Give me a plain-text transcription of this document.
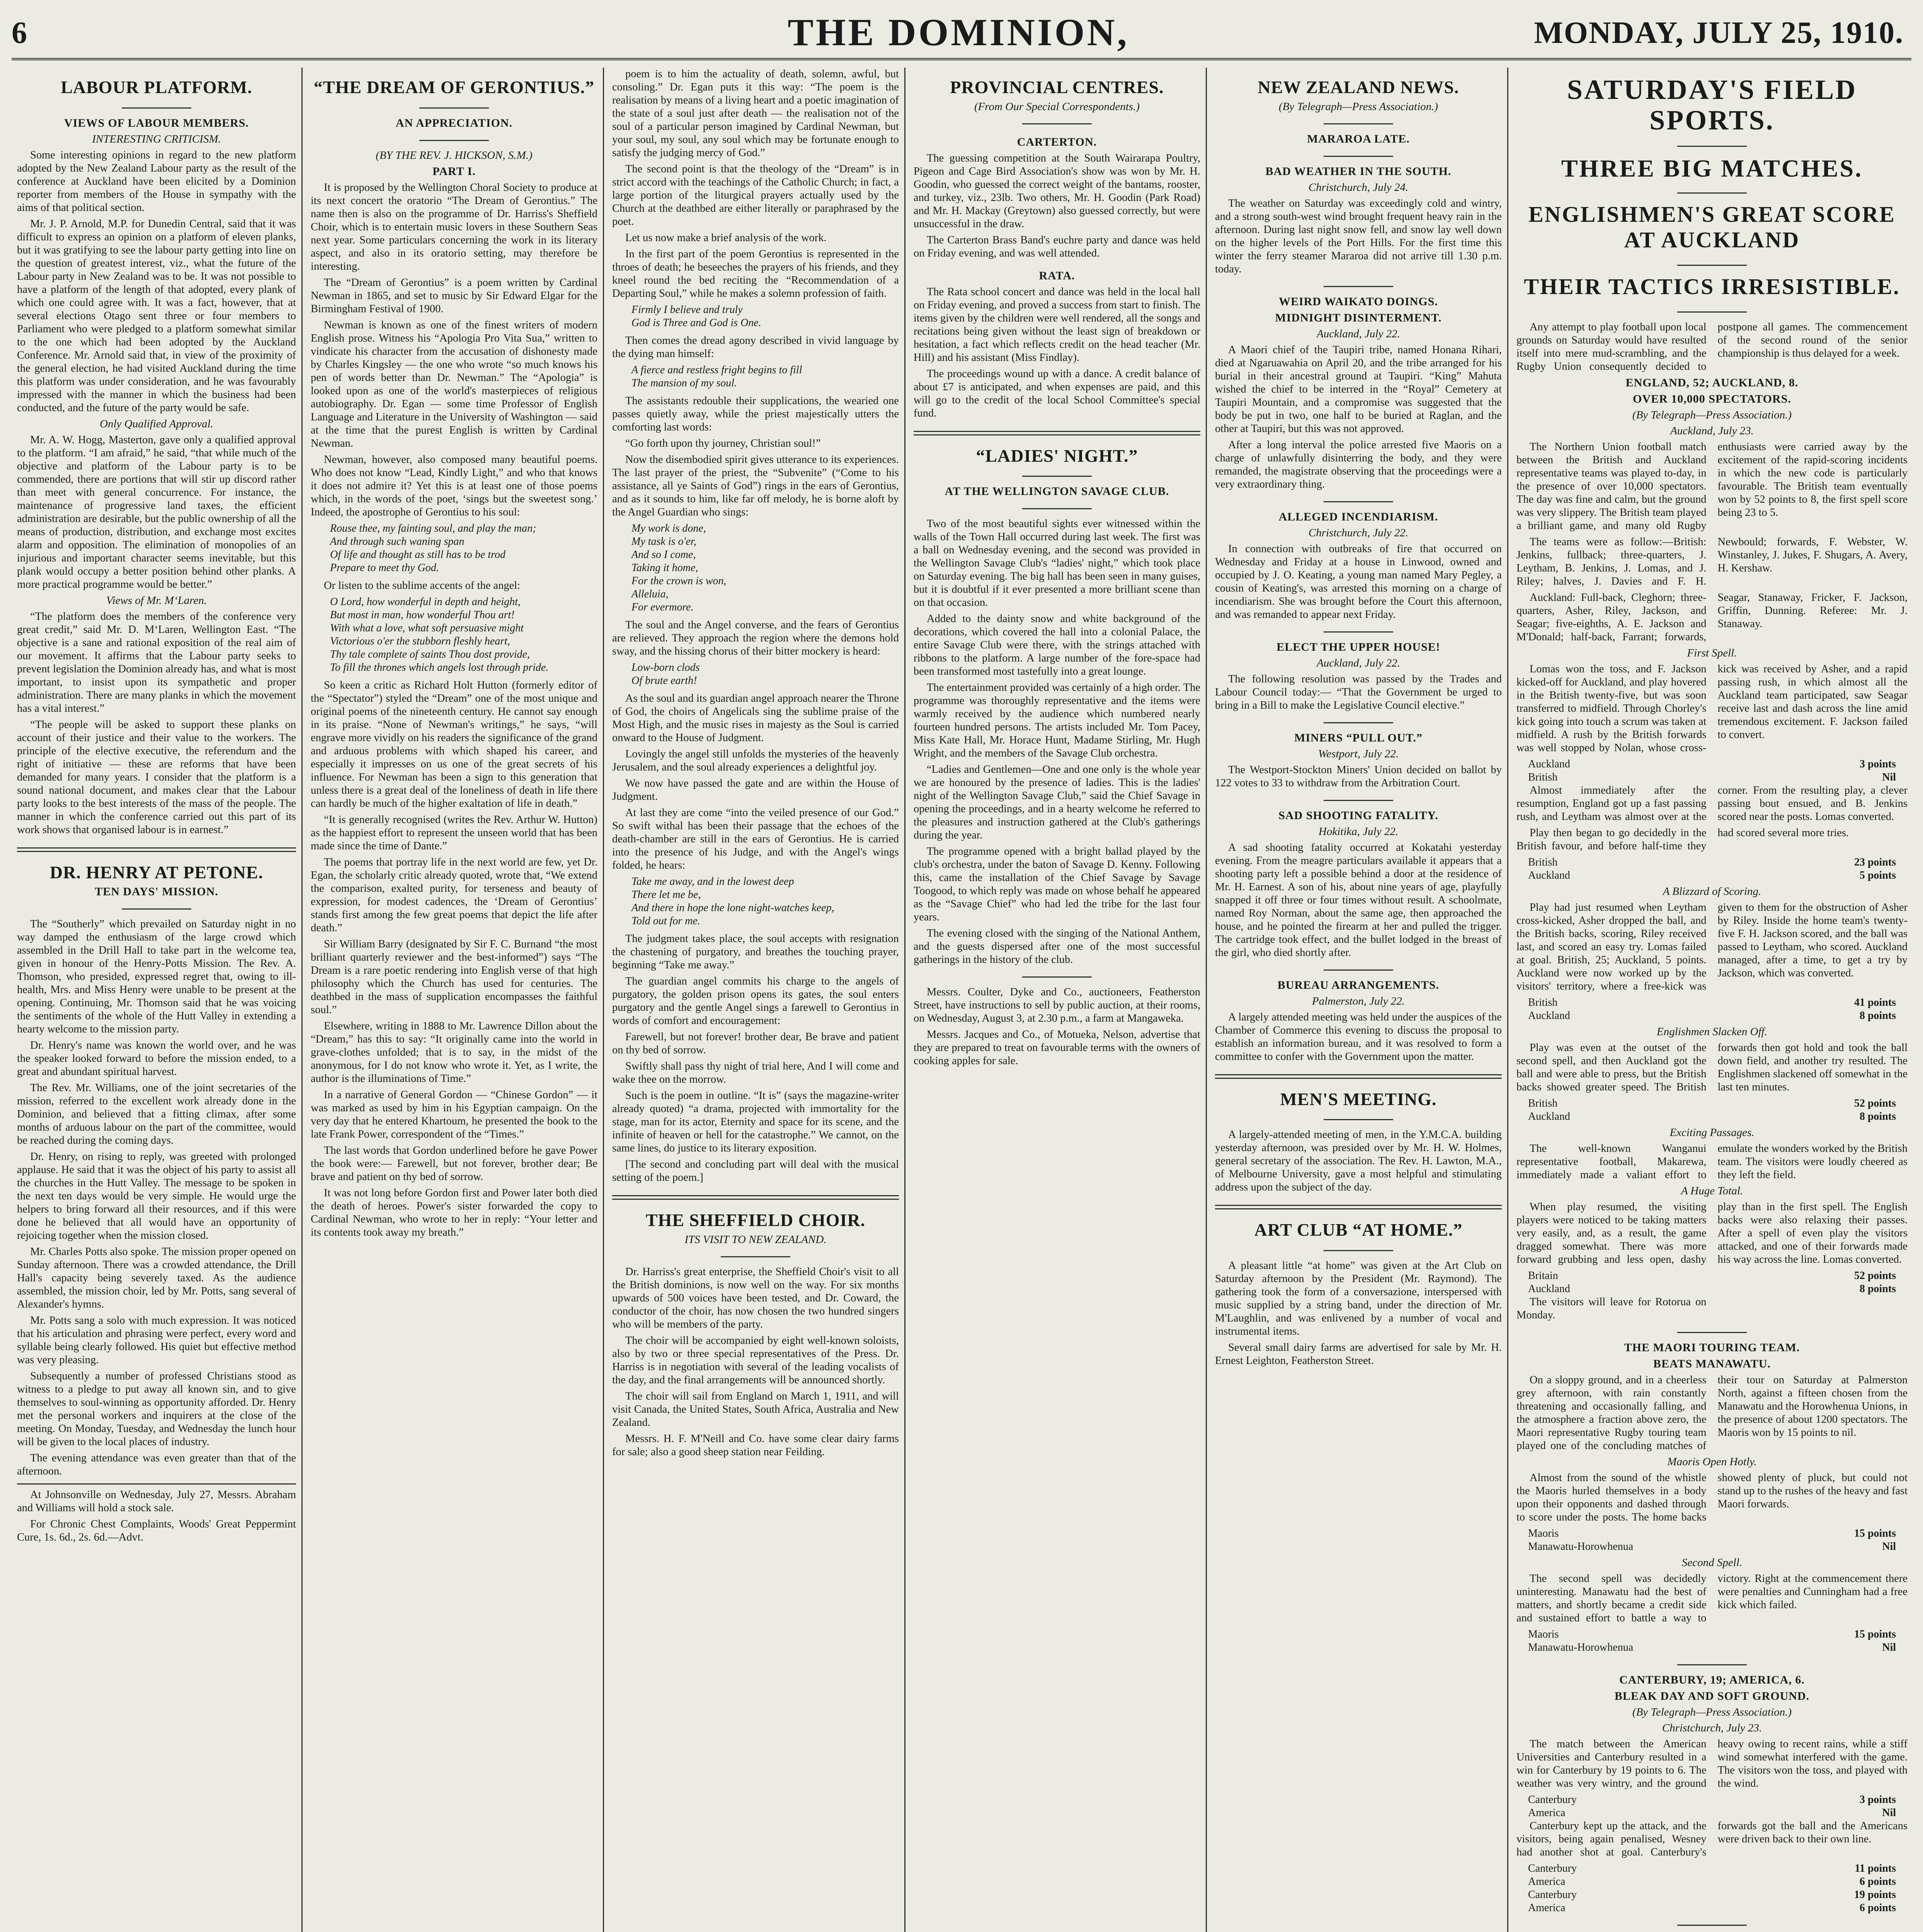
6	THE DOMINION,	MONDAY, JULY 25, 1910.
LABOUR PLATFORM.
VIEWS OF LABOUR MEMBERS.
INTERESTING CRITICISM.

Some interesting opinions in regard to the new platform adopted by the New Zealand Labour party as the result of the conference at Auckland have been elicited by a Dominion reporter from members of the House in sympathy with the aims of that political section.

Mr. J. P. Arnold, M.P. for Dunedin Central, said that it was difficult to express an opinion on a platform of eleven planks, but it was gratifying to see the labour party getting into line on the question of greatest interest, viz., what the future of the Labour party in New Zealand was to be. It was not possible to have a platform of the length of that adopted, every plank of which one could agree with. It was a fact, however, that at several elections Otago sent three or four members to Parliament who were pledged to a platform somewhat similar to the one which had been adopted by the Auckland Conference. Mr. Arnold said that, in view of the proximity of the general election, he had visited Auckland during the time this platform was under consideration, and he was favourably impressed with the manner in which the business had been conducted, and the future of the party would be safe.

Only Qualified Approval.

Mr. A. W. Hogg, Masterton, gave only a qualified approval to the platform. “I am afraid,” he said, “that while much of the objective and platform of the Labour party is to be commended, there are portions that will stir up discord rather than meet with general concurrence. For instance, the maintenance of progressive land taxes, the efficient administration are desirable, but the public ownership of all the means of production, distribution, and exchange most excites alarm and opposition. The elimination of monopolies of an injurious and important character seems inevitable, but this plank would occupy a better position behind other planks. A more practical programme would be better.”

Views of Mr. M‘Laren.

“The platform does the members of the conference very great credit,” said Mr. D. M‘Laren, Wellington East. “The objective is a sane and rational exposition of the real aim of our movement. It affirms that the Labour party seeks to prevent legislation the Dominion already has, and what is most important, to insist upon its sympathetic and proper administration. There are many planks in which the movement has a vital interest.”

“The people will be asked to support these planks on account of their justice and their value to the workers. The principle of the elective executive, the referendum and the right of initiative — these are reforms that have been demanded for many years. I consider that the platform is a sound national document, and makes clear that the Labour party looks to the best interests of the mass of the people. The manner in which the conference carried out this part of its work shows that organised labour is in earnest.”

DR. HENRY AT PETONE.
TEN DAYS' MISSION.

The “Southerly” which prevailed on Saturday night in no way damped the enthusiasm of the large crowd which assembled in the Drill Hall to take part in the welcome tea, given in honour of the Henry-Potts Mission. The Rev. A. Thomson, who presided, expressed regret that, owing to ill-health, Mrs. and Miss Henry were unable to be present at the opening. Continuing, Mr. Thomson said that he was voicing the sentiments of the whole of the Hutt Valley in extending a hearty welcome to the mission party.

Dr. Henry's name was known the world over, and he was the speaker looked forward to before the mission ended, to a great and abundant spiritual harvest.

The Rev. Mr. Williams, one of the joint secretaries of the mission, referred to the excellent work already done in the Dominion, and believed that a fitting climax, after some months of arduous labour on the part of the committee, would be reached during the coming days.

Dr. Henry, on rising to reply, was greeted with prolonged applause. He said that it was the object of his party to assist all the churches in the Hutt Valley. The message to be spoken in the next ten days would be very simple. He would urge the helpers to bring forward all their resources, and if this were done he believed that all would have an opportunity of rejoicing together when the mission closed.

Mr. Charles Potts also spoke. The mission proper opened on Sunday afternoon. There was a crowded attendance, the Drill Hall's capacity being severely taxed. As the audience assembled, the mission choir, led by Mr. Potts, sang several of Alexander's hymns.

Mr. Potts sang a solo with much expression. It was noticed that his articulation and phrasing were perfect, every word and syllable being clearly followed. His quiet but effective method was very pleasing.

Subsequently a number of professed Christians stood as witness to a pledge to put away all known sin, and to give themselves to soul-winning as opportunity afforded. Dr. Henry met the personal workers and inquirers at the close of the meeting. On Monday, Tuesday, and Wednesday the lunch hour will be given to the local places of industry.

The evening attendance was even greater than that of the afternoon.

At Johnsonville on Wednesday, July 27, Messrs. Abraham and Williams will hold a stock sale.

For Chronic Chest Complaints, Woods' Great Peppermint Cure, 1s. 6d., 2s. 6d.—Advt.

“THE DREAM OF GERONTIUS.”
AN APPRECIATION.
(BY THE REV. J. HICKSON, S.M.)
PART I.

It is proposed by the Wellington Choral Society to produce at its next concert the oratorio “The Dream of Gerontius.” The name then is also on the programme of Dr. Harriss's Sheffield Choir, which is to entertain music lovers in these Southern Seas next year. Some particulars concerning the work in its literary aspect, and also in its oratorio setting, may therefore be interesting.

The “Dream of Gerontius” is a poem written by Cardinal Newman in 1865, and set to music by Sir Edward Elgar for the Birmingham Festival of 1900.

Newman is known as one of the finest writers of modern English prose. Witness his “Apologia Pro Vita Sua,” written to vindicate his character from the accusation of dishonesty made by Charles Kingsley — the one who wrote “so much knows his pen of words better than Dr. Newman.” The “Apologia” is looked upon as one of the world's masterpieces of religious autobiography. Dr. Egan — some time Professor of English Language and Literature in the University of Washington — said at the time that the purest English is written by Cardinal Newman.

Newman, however, also composed many beautiful poems. Who does not know “Lead, Kindly Light,” and who that knows it does not admire it? Yet this is at least one of those poems which, in the words of the poet, ‘sings but the sweetest song.’ Indeed, the apostrophe of Gerontius to his soul:

Rouse thee, my fainting soul, and play the man;
And through such waning span
Of life and thought as still has to be trod
Prepare to meet thy God.

Or listen to the sublime accents of the angel:

O Lord, how wonderful in depth and height,
But most in man, how wonderful Thou art!
With what a love, what soft persuasive might
Victorious o'er the stubborn fleshly heart,
Thy tale complete of saints Thou dost provide,
To fill the thrones which angels lost through pride.

So keen a critic as Richard Holt Hutton (formerly editor of the “Spectator”) styled the “Dream” one of the most unique and original poems of the nineteenth century. He cannot say enough in its praise. “None of Newman's writings,” he says, “will engrave more vividly on his readers the significance of the grand and arduous problems with which shaped his career, and especially it impresses on us one of the great secrets of his influence. For Newman has been a sign to this generation that unless there is a great deal of the loneliness of death in life there can hardly be much of the higher exaltation of life in death.”

“It is generally recognised (writes the Rev. Arthur W. Hutton) as the happiest effort to represent the unseen world that has been made since the time of Dante.”

The poems that portray life in the next world are few, yet Dr. Egan, the scholarly critic already quoted, wrote that, “We extend the comparison, exalted purity, for terseness and beauty of expression, for modest cadences, the ‘Dream of Gerontius’ stands first among the few great poems that depict the life after death.”

Sir William Barry (designated by Sir F. C. Burnand “the most brilliant quarterly reviewer and the best-informed”) says “The Dream is a rare poetic rendering into English verse of that high philosophy which the Church has used for centuries. The deathbed in the mass of supplication encompasses the faithful soul.”

Elsewhere, writing in 1888 to Mr. Lawrence Dillon about the “Dream,” has this to say: “It originally came into the world in grave-clothes unfolded; that is to say, in the midst of the anonymous, for I do not know who wrote it. Yet, as I write, the author is the illuminations of Time.”

In a narrative of General Gordon — “Chinese Gordon” — it was marked as used by him in his Egyptian campaign. On the very day that he entered Khartoum, he presented the book to the late Frank Power, correspondent of the “Times.”

The last words that Gordon underlined before he gave Power the book were:— Farewell, but not forever, brother dear; Be brave and patient on thy bed of sorrow.

It was not long before Gordon first and Power later both died the death of heroes. Power's sister forwarded the copy to Cardinal Newman, who wrote to her in reply: “Your letter and its contents took away my breath.”

poem is to him the actuality of death, solemn, awful, but consoling.” Dr. Egan puts it this way: “The poem is the realisation by means of a living heart and a poetic imagination of the state of a soul just after death — the realisation not of the soul of a particular person imagined by Cardinal Newman, but your soul, my soul, any soul which may be fortunate enough to satisfy the judging mercy of God.”

The second point is that the theology of the “Dream” is in strict accord with the teachings of the Catholic Church; in fact, a large portion of the liturgical prayers actually used by the Church at the deathbed are either literally or paraphrased by the poet.

Let us now make a brief analysis of the work.

In the first part of the poem Gerontius is represented in the throes of death; he beseeches the prayers of his friends, and they kneel round the bed reciting the “Recommendation of a Departing Soul,” while he makes a solemn profession of faith.

Firmly I believe and truly
God is Three and God is One.

Then comes the dread agony described in vivid language by the dying man himself:

A fierce and restless fright begins to fill
The mansion of my soul.

The assistants redouble their supplications, the wearied one passes quietly away, while the priest majestically utters the comforting last words:

“Go forth upon thy journey, Christian soul!”

Now the disembodied spirit gives utterance to its experiences. The last prayer of the priest, the “Subvenite” (“Come to his assistance, all ye Saints of God”) rings in the ears of Gerontius, and as it sounds to him, like far off melody, he is borne aloft by the Angel Guardian who sings:

My work is done,
My task is o'er,
And so I come,
Taking it home,
For the crown is won,
Alleluia,
For evermore.

The soul and the Angel converse, and the fears of Gerontius are relieved. They approach the region where the demons hold sway, and the hissing chorus of their bitter mockery is heard:

Low-born clods
Of brute earth!

As the soul and its guardian angel approach nearer the Throne of God, the choirs of Angelicals sing the sublime praise of the Most High, and the music rises in majesty as the Soul is carried onward to the House of Judgment.

Lovingly the angel still unfolds the mysteries of the heavenly Jerusalem, and the soul already experiences a delightful joy.

We now have passed the gate and are within the House of Judgment.

At last they are come “into the veiled presence of our God.” So swift withal has been their passage that the echoes of the death-chamber are still in the ears of Gerontius. He is carried into the presence of his Judge, and with the Angel's wings folded, he hears:

Take me away, and in the lowest deep
There let me be,
And there in hope the lone night-watches keep,
Told out for me.

The judgment takes place, the soul accepts with resignation the chastening of purgatory, and breathes the touching prayer, beginning “Take me away.”

The guardian angel commits his charge to the angels of purgatory, the golden prison opens its gates, the soul enters purgatory and the gentle Angel sings a farewell to Gerontius in words of comfort and encouragement:

Farewell, but not forever! brother dear, Be brave and patient on thy bed of sorrow.

Swiftly shall pass thy night of trial here, And I will come and wake thee on the morrow.

Such is the poem in outline. “It is” (says the magazine-writer already quoted) “a drama, projected with immortality for the stage, man for its actor, Eternity and space for its scene, and the infinite of heaven or hell for the catastrophe.” We cannot, on the same lines, do justice to its literary exposition.

[The second and concluding part will deal with the musical setting of the poem.]

THE SHEFFIELD CHOIR.
ITS VISIT TO NEW ZEALAND.

Dr. Harriss's great enterprise, the Sheffield Choir's visit to all the British dominions, is now well on the way. For six months upwards of 500 voices have been tested, and Dr. Coward, the conductor of the choir, has now chosen the two hundred singers who will be members of the party.

The choir will be accompanied by eight well-known soloists, also by two or three special representatives of the Press. Dr. Harriss is in negotiation with several of the leading vocalists of the day, and the final arrangements will be announced shortly.

The choir will sail from England on March 1, 1911, and will visit Canada, the United States, South Africa, Australia and New Zealand.

Messrs. H. F. M'Neill and Co. have some clear dairy farms for sale; also a good sheep station near Feilding.

PROVINCIAL CENTRES.
(From Our Special Correspondents.)
CARTERTON.

The guessing competition at the South Wairarapa Poultry, Pigeon and Cage Bird Association's show was won by Mr. H. Goodin, who guessed the correct weight of the bantams, rooster, and turkey, viz., 23lb. Two others, Mr. H. Goodin (Park Road) and Mr. H. Mackay (Greytown) also guessed correctly, but were unsuccessful in the draw.

The Carterton Brass Band's euchre party and dance was held on Friday evening, and was well attended.

RATA.

The Rata school concert and dance was held in the local hall on Friday evening, and proved a success from start to finish. The items given by the children were well rendered, all the songs and recitations being given without the least sign of breakdown or hesitation, a fact which reflects credit on the head teacher (Mr. Hill) and his assistant (Miss Findlay).

The proceedings wound up with a dance. A credit balance of about £7 is anticipated, and when expenses are paid, and this will go to the credit of the local School Committee's special fund.

“LADIES' NIGHT.”
AT THE WELLINGTON SAVAGE CLUB.

Two of the most beautiful sights ever witnessed within the walls of the Town Hall occurred during last week. The first was a ball on Wednesday evening, and the second was provided in the Wellington Savage Club's “ladies' night,” which took place on Saturday evening. The big hall has been seen in many guises, but it is doubtful if it ever presented a more brilliant scene than on that occasion.

Added to the dainty snow and white background of the decorations, which covered the hall into a colonial Palace, the entire Savage Club were there, with the strings attached with ribbons to the platform. A large number of the fore-space had been transformed most tastefully into a great lounge.

The entertainment provided was certainly of a high order. The programme was thoroughly representative and the items were warmly received by the audience which numbered nearly fourteen hundred persons. The artists included Mr. Tom Pacey, Miss Kate Hall, Mr. Horace Hunt, Madame Stirling, Mr. Hugh Wright, and the members of the Savage Club orchestra.

“Ladies and Gentlemen—One and one only is the whole year we are honoured by the presence of ladies. This is the ladies' night of the Wellington Savage Club,” said the Chief Savage in opening the proceedings, and in a hearty welcome he referred to the pleasures and instruction gathered at the Club's gatherings during the year.

The programme opened with a bright ballad played by the club's orchestra, under the baton of Savage D. Kenny. Following this, came the installation of the Chief Savage by Savage Toogood, to which reply was made on whose behalf he appeared as the “Savage Chief” who had led the tribe for the last four years.

The evening closed with the singing of the National Anthem, and the guests dispersed after one of the most successful gatherings in the history of the club.

Messrs. Coulter, Dyke and Co., auctioneers, Featherston Street, have instructions to sell by public auction, at their rooms, on Wednesday, August 3, at 2.30 p.m., a farm at Mangaweka.

Messrs. Jacques and Co., of Motueka, Nelson, advertise that they are prepared to treat on favourable terms with the owners of cooking apples for sale.

NEW ZEALAND NEWS.
(By Telegraph—Press Association.)
MARAROA LATE.
BAD WEATHER IN THE SOUTH.
Christchurch, July 24.

The weather on Saturday was exceedingly cold and wintry, and a strong south-west wind brought frequent heavy rain in the afternoon. During last night snow fell, and snow lay well down on the higher levels of the Port Hills. For the first time this winter the ferry steamer Mararoa did not arrive till 1.30 p.m. today.

WEIRD WAIKATO DOINGS.
MIDNIGHT DISINTERMENT.
Auckland, July 22.

A Maori chief of the Taupiri tribe, named Honana Rihari, died at Ngaruawahia on April 20, and the tribe arranged for his burial in their ancestral ground at Taupiri. “King” Mahuta wished the chief to be interred in the “Royal” Cemetery at Taupiri Mountain, and a compromise was suggested that the body be put in two, one half to be buried at Raglan, and the other at Taupiri, but this was not approved.

After a long interval the police arrested five Maoris on a charge of unlawfully disinterring the body, and they were remanded, the magistrate observing that the proceedings were a very extraordinary thing.

ALLEGED INCENDIARISM.
Christchurch, July 22.

In connection with outbreaks of fire that occurred on Wednesday and Friday at a house in Linwood, owned and occupied by J. O. Keating, a young man named Mary Pegley, a cousin of Keating's, was arrested this morning on a charge of incendiarism. She was brought before the Court this afternoon, and was remanded to appear next Friday.

ELECT THE UPPER HOUSE!
Auckland, July 22.

The following resolution was passed by the Trades and Labour Council today:— “That the Government be urged to bring in a Bill to make the Legislative Council elective.”

MINERS “PULL OUT.”
Westport, July 22.

The Westport-Stockton Miners' Union decided on ballot by 122 votes to 33 to withdraw from the Arbitration Court.

SAD SHOOTING FATALITY.
Hokitika, July 22.

A sad shooting fatality occurred at Kokatahi yesterday evening. From the meagre particulars available it appears that a shooting party left a possible behind a door at the residence of Mr. H. Earnest. A son of his, about nine years of age, playfully snapped it off three or four times without result. A schoolmate, named Roy Norman, about the same age, then approached the house, and he pointed the firearm at her and pulled the trigger. The cartridge took effect, and the bullet lodged in the breast of the girl, who died shortly after.

BUREAU ARRANGEMENTS.
Palmerston, July 22.

A largely attended meeting was held under the auspices of the Chamber of Commerce this evening to discuss the proposal to establish an information bureau, and it was resolved to form a committee to confer with the Government upon the matter.

MEN'S MEETING.

A largely-attended meeting of men, in the Y.M.C.A. building yesterday afternoon, was presided over by Mr. H. W. Holmes, general secretary of the association. The Rev. H. Lawton, M.A., of Melbourne University, gave a most helpful and stimulating address upon the subject of the day.

ART CLUB “AT HOME.”

A pleasant little “at home” was given at the Art Club on Saturday afternoon by the President (Mr. Raymond). The gathering took the form of a conversazione, interspersed with music supplied by a string band, under the direction of Mr. M'Laughlin, and was enlivened by a number of vocal and instrumental items.

Several small dairy farms are advertised for sale by Mr. H. Ernest Leighton, Featherston Street.

SATURDAY'S FIELD SPORTS.
THREE BIG MATCHES.
ENGLISHMEN'S GREAT SCORE AT AUCKLAND
THEIR TACTICS IRRESISTIBLE.

Any attempt to play football upon local grounds on Saturday would have resulted itself into mere mud-scrambling, and the Rugby Union consequently decided to postpone all games. The commencement of the second round of the senior championship is thus delayed for a week.

ENGLAND, 52; AUCKLAND, 8.
OVER 10,000 SPECTATORS.
(By Telegraph—Press Association.)
Auckland, July 23.

The Northern Union football match between the British and Auckland representative teams was played to-day, in the presence of over 10,000 spectators. The day was fine and calm, but the ground was very slippery. The British team played a brilliant game, and many old Rugby enthusiasts were carried away by the excitement of the rapid-scoring incidents in which the new code is particularly favourable. The British team eventually won by 52 points to 8, the first spell score being 23 to 5.

The teams were as follow:—British: Jenkins, fullback; three-quarters, J. Leytham, B. Jenkins, J. Lomas, and J. Riley; halves, J. Davies and F. H. Newbould; forwards, F. Webster, W. Winstanley, J. Jukes, F. Shugars, A. Avery, H. Kershaw.

Auckland: Full-back, Cleghorn; three-quarters, Asher, Riley, Jackson, and Seagar; five-eighths, A. E. Jackson and M'Donald; half-back, Farrant; forwards, Seagar, Stanaway, Fricker, F. Jackson, Griffin, Dunning. Referee: Mr. J. Stanaway.

First Spell.

Lomas won the toss, and F. Jackson kicked-off for Auckland, and play hovered in the British twenty-five, but was soon transferred to midfield. Through Chorley's kick going into touch a scrum was taken at midfield. A rush by the British forwards was well stopped by Nolan, whose cross-kick was received by Asher, and a rapid passing rush, in which almost all the Auckland team participated, saw Seagar receive last and dash across the line amid tremendous excitement. F. Jackson failed to convert.

Auckland	3 points
British	Nil

Almost immediately after the resumption, England got up a fast passing rush, and Leytham was almost over at the corner. From the resulting play, a clever passing bout ensued, and B. Jenkins scored near the posts. Lomas converted.

Play then began to go decidedly in the British favour, and before half-time they had scored several more tries.

British	23 points
Auckland	5 points
A Blizzard of Scoring.

Play had just resumed when Leytham cross-kicked, Asher dropped the ball, and the British backs, scoring, Riley received last, and scored an easy try. Lomas failed at goal. British, 25; Auckland, 5 points. Auckland were now worked up by the visitors' territory, where a free-kick was given to them for the obstruction of Asher by Riley. Inside the home team's twenty-five F. H. Jackson scored, and the ball was passed to Leytham, who scored. Auckland managed, after a time, to get a try by Jackson, which was converted.

British	41 points
Auckland	8 points
Englishmen Slacken Off.

Play was even at the outset of the second spell, and then Auckland got the ball and were able to press, but the British backs showed greater speed. The British forwards then got hold and took the ball down field, and another try resulted. The Englishmen slackened off somewhat in the last ten minutes.

British	52 points
Auckland	8 points
Exciting Passages.

The well-known Wanganui representative football, Makarewa, immediately made a valiant effort to emulate the wonders worked by the British team. The visitors were loudly cheered as they left the field.

A Huge Total.

When play resumed, the visiting players were noticed to be taking matters very easily, and, as a result, the game dragged somewhat. There was more forward grubbing and less open, dashy play than in the first spell. The English backs were also relaxing their passes. After a spell of even play the visitors attacked, and one of their forwards made his way across the line. Lomas converted.

Britain	52 points
Auckland	8 points

The visitors will leave for Rotorua on Monday.

THE MAORI TOURING TEAM.
BEATS MANAWATU.

On a sloppy ground, and in a cheerless grey afternoon, with rain constantly threatening and occasionally falling, and the atmosphere a fraction above zero, the Maori representative Rugby touring team played one of the concluding matches of their tour on Saturday at Palmerston North, against a fifteen chosen from the Manawatu and the Horowhenua Unions, in the presence of about 1200 spectators. The Maoris won by 15 points to nil.

Maoris Open Hotly.

Almost from the sound of the whistle the Maoris hurled themselves in a body upon their opponents and dashed through to score under the posts. The home backs showed plenty of pluck, but could not stand up to the rushes of the heavy and fast Maori forwards.

Maoris	15 points
Manawatu-Horowhenua	Nil
Second Spell.

The second spell was decidedly uninteresting. Manawatu had the best of matters, and shortly became a credit side and sustained effort to battle a way to victory. Right at the commencement there were penalties and Cunningham had a free kick which failed.

Maoris	15 points
Manawatu-Horowhenua	Nil
CANTERBURY, 19; AMERICA, 6.
BLEAK DAY AND SOFT GROUND.
(By Telegraph—Press Association.)
Christchurch, July 23.

The match between the American Universities and Canterbury resulted in a win for Canterbury by 19 points to 6. The weather was very wintry, and the ground heavy owing to recent rains, while a stiff wind somewhat interfered with the game. The visitors won the toss, and played with the wind.

Canterbury	3 points
America	Nil

Canterbury kept up the attack, and the visitors, being again penalised, Wesney had another shot at goal. Canterbury's forwards got the ball and the Americans were driven back to their own line.

Canterbury	11 points
America	6 points
Canterbury	19 points
America	6 points
